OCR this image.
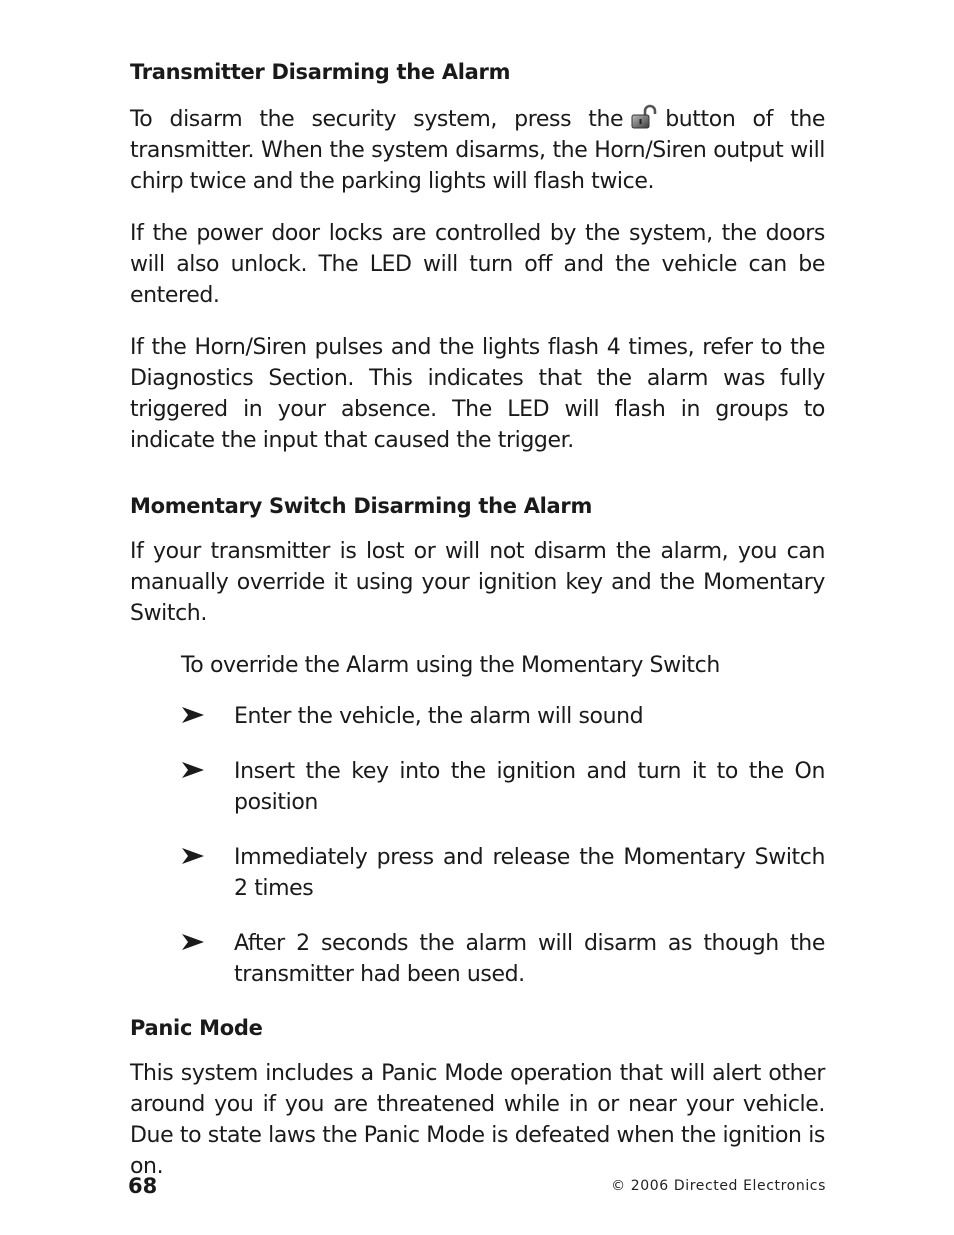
Transmitter Disarming the Alarm

To disarm the security system, press the button of the transmitter. When the system disarms, the Horn/Siren output will chirp twice and the parking lights will flash twice.

If the power door locks are controlled by the system, the doors will also unlock. The LED will turn off and the vehicle can be entered.

If the Horn/Siren pulses and the lights flash 4 times, refer to the Diagnostics Section. This indicates that the alarm was fully triggered in your absence. The LED will flash in groups to indicate the input that caused the trigger.

Momentary Switch Disarming the Alarm

If your transmitter is lost or will not disarm the alarm, you can manually override it using your ignition key and the Momentary Switch.

To override the Alarm using the Momentary Switch

Enter the vehicle, the alarm will sound
Insert the key into the ignition and turn it to the On position
Immediately press and release the Momentary Switch 2 times
After 2 seconds the alarm will disarm as though the transmitter had been used.
Panic Mode

This system includes a Panic Mode operation that will alert other around you if you are threatened while in or near your vehicle. Due to state laws the Panic Mode is defeated when the ignition is on.

68	© 2006 Directed Electronics
